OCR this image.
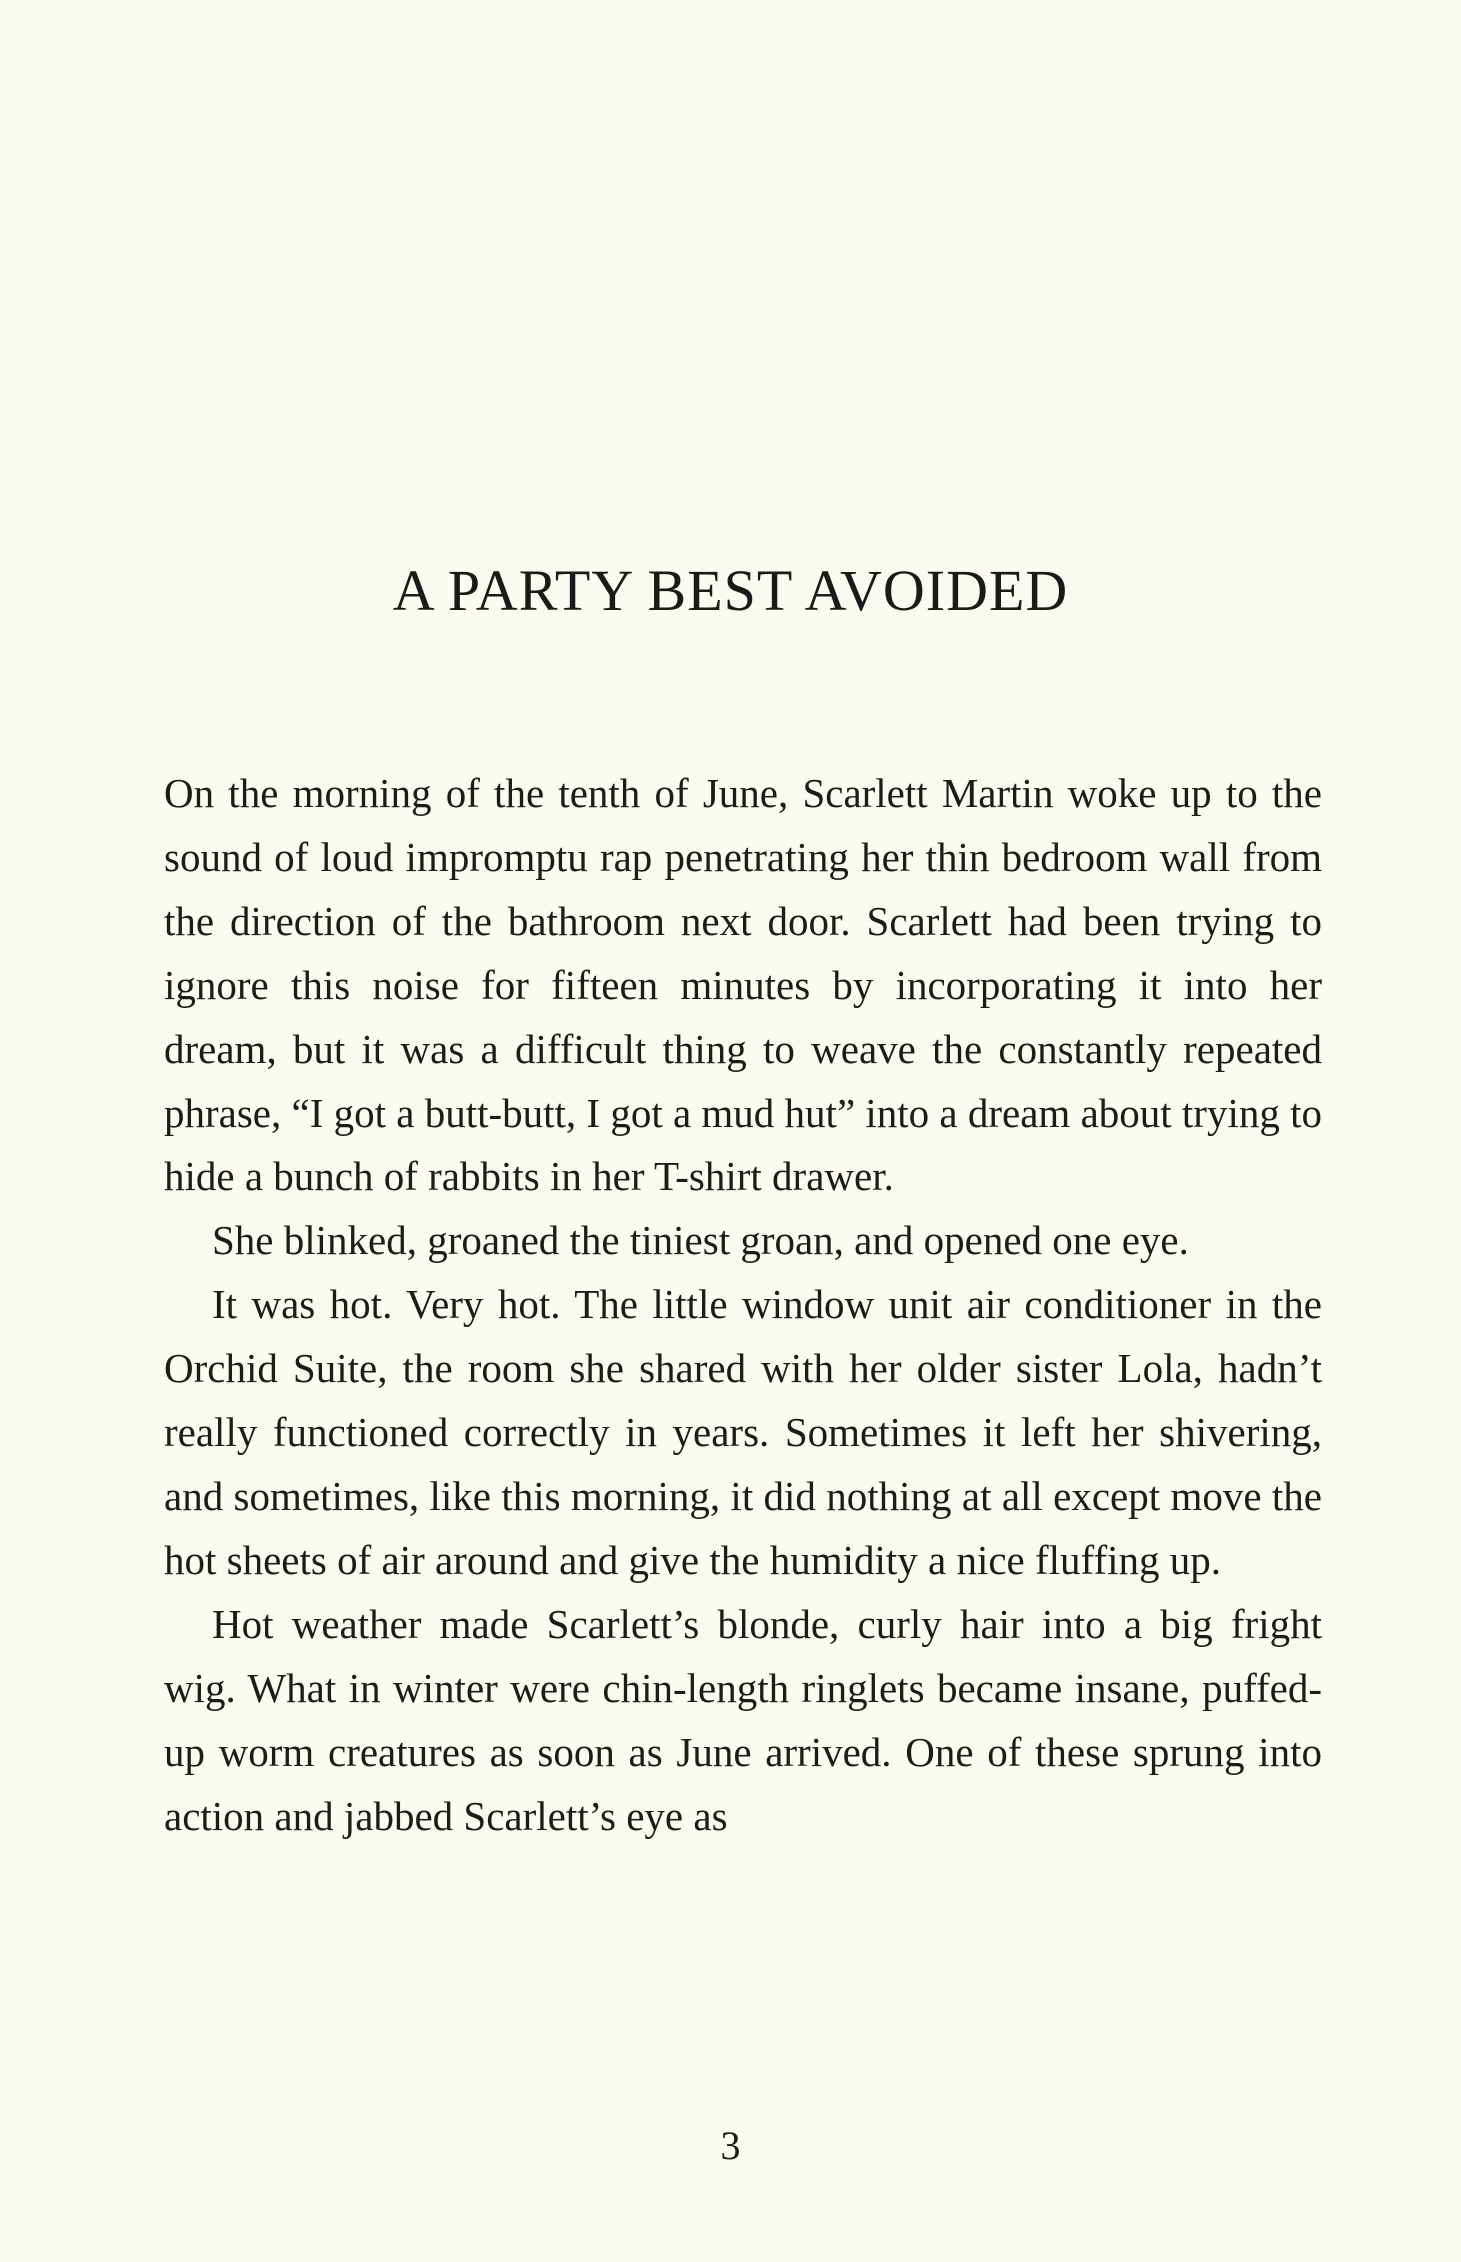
A PARTY BEST AVOIDED

On the morning of the tenth of June, Scarlett Martin woke up to the sound of loud impromptu rap penetrating her thin bedroom wall from the direction of the bathroom next door. Scarlett had been trying to ignore this noise for fifteen minutes by incorporating it into her dream, but it was a difficult thing to weave the constantly repeated phrase, “I got a butt-butt, I got a mud hut” into a dream about trying to hide a bunch of rabbits in her T-shirt drawer.

She blinked, groaned the tiniest groan, and opened one eye.

It was hot. Very hot. The little window unit air conditioner in the Orchid Suite, the room she shared with her older sister Lola, hadn’t really functioned correctly in years. Sometimes it left her shivering, and sometimes, like this morning, it did nothing at all except move the hot sheets of air around and give the humidity a nice fluffing up.

Hot weather made Scarlett’s blonde, curly hair into a big fright wig. What in winter were chin-length ringlets became insane, puffed-up worm creatures as soon as June arrived. One of these sprung into action and jabbed Scarlett’s eye as

3
